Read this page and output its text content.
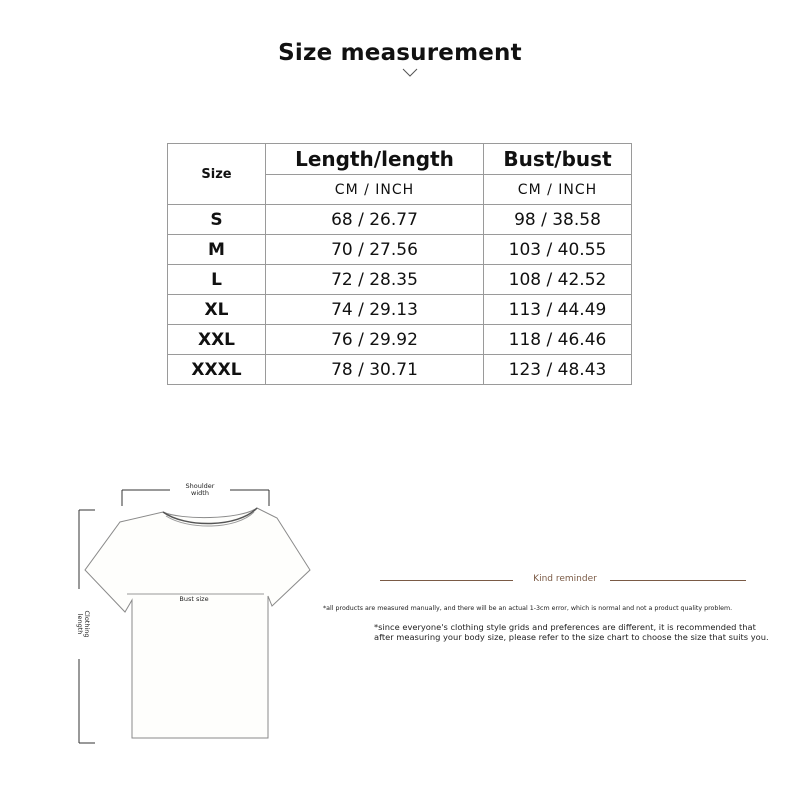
Size measurement
Size	Length/length	Bust/bust
	CM / INCH	CM / INCH
S	68 / 26.77	98 / 38.58
M	70 / 27.56	103 / 40.55
L	72 / 28.35	108 / 42.52
XL	74 / 29.13	113 / 44.49
XXL	76 / 29.92	118 / 46.46
XXXL	78 / 30.71	123 / 48.43
Shoulder
width
Bust size
Clothing
length
Kind reminder
*all products are measured manually, and there will be an actual 1-3cm error, which is normal and not a product quality problem.
*since everyone's clothing style grids and preferences are different, it is recommended that after measuring your body size, please refer to the size chart to choose the size that suits you.
